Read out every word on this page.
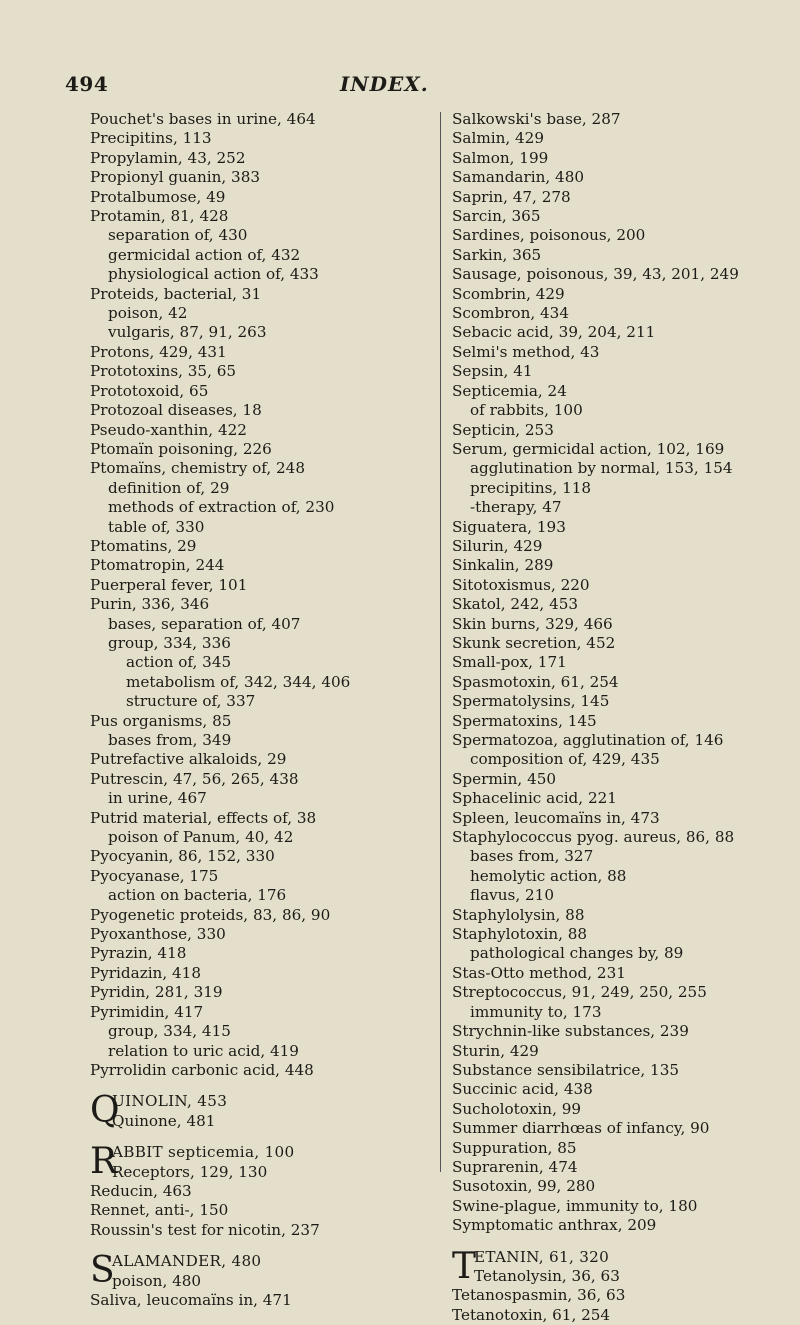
494	INDEX.
Pouchet's bases in urine, 464
Precipitins, 113
Propylamin, 43, 252
Propionyl guanin, 383
Protalbumose, 49
Protamin, 81, 428
separation of, 430
germicidal action of, 432
physiological action of, 433
Proteids, bacterial, 31
poison, 42
vulgaris, 87, 91, 263
Protons, 429, 431
Prototoxins, 35, 65
Prototoxoid, 65
Protozoal diseases, 18
Pseudo-xanthin, 422
Ptomaïn poisoning, 226
Ptomaïns, chemistry of, 248
definition of, 29
methods of extraction of, 230
table of, 330
Ptomatins, 29
Ptomatropin, 244
Puerperal fever, 101
Purin, 336, 346
bases, separation of, 407
group, 334, 336
action of, 345
metabolism of, 342, 344, 406
structure of, 337
Pus organisms, 85
bases from, 349
Putrefactive alkaloids, 29
Putrescin, 47, 56, 265, 438
in urine, 467
Putrid material, effects of, 38
poison of Panum, 40, 42
Pyocyanin, 86, 152, 330
Pyocyanase, 175
action on bacteria, 176
Pyogenetic proteids, 83, 86, 90
Pyoxanthose, 330
Pyrazin, 418
Pyridazin, 418
Pyridin, 281, 319
Pyrimidin, 417
group, 334, 415
relation to uric acid, 419
Pyrrolidin carbonic acid, 448
Q
UINOLIN, 453
Quinone, 481
R
ABBIT septicemia, 100
Receptors, 129, 130
Reducin, 463
Rennet, anti-, 150
Roussin's test for nicotin, 237
S
ALAMANDER, 480
poison, 480
Saliva, leucomaïns in, 471
Salkowski's base, 287
Salmin, 429
Salmon, 199
Samandarin, 480
Saprin, 47, 278
Sarcin, 365
Sardines, poisonous, 200
Sarkin, 365
Sausage, poisonous, 39, 43, 201, 249
Scombrin, 429
Scombron, 434
Sebacic acid, 39, 204, 211
Selmi's method, 43
Sepsin, 41
Septicemia, 24
of rabbits, 100
Septicin, 253
Serum, germicidal action, 102, 169
agglutination by normal, 153, 154
precipitins, 118
-therapy, 47
Siguatera, 193
Silurin, 429
Sinkalin, 289
Sitotoxismus, 220
Skatol, 242, 453
Skin burns, 329, 466
Skunk secretion, 452
Small-pox, 171
Spasmotoxin, 61, 254
Spermatolysins, 145
Spermatoxins, 145
Spermatozoa, agglutination of, 146
composition of, 429, 435
Spermin, 450
Sphacelinic acid, 221
Spleen, leucomaïns in, 473
Staphylococcus pyog. aureus, 86, 88
bases from, 327
hemolytic action, 88
flavus, 210
Staphylolysin, 88
Staphylotoxin, 88
pathological changes by, 89
Stas-Otto method, 231
Streptococcus, 91, 249, 250, 255
immunity to, 173
Strychnin-like substances, 239
Sturin, 429
Substance sensibilatrice, 135
Succinic acid, 438
Sucholotoxin, 99
Summer diarrhœas of infancy, 90
Suppuration, 85
Suprarenin, 474
Susotoxin, 99, 280
Swine-plague, immunity to, 180
Symptomatic anthrax, 209
T
ETANIN, 61, 320
Tetanolysin, 36, 63
Tetanospasmin, 36, 63
Tetanotoxin, 61, 254
